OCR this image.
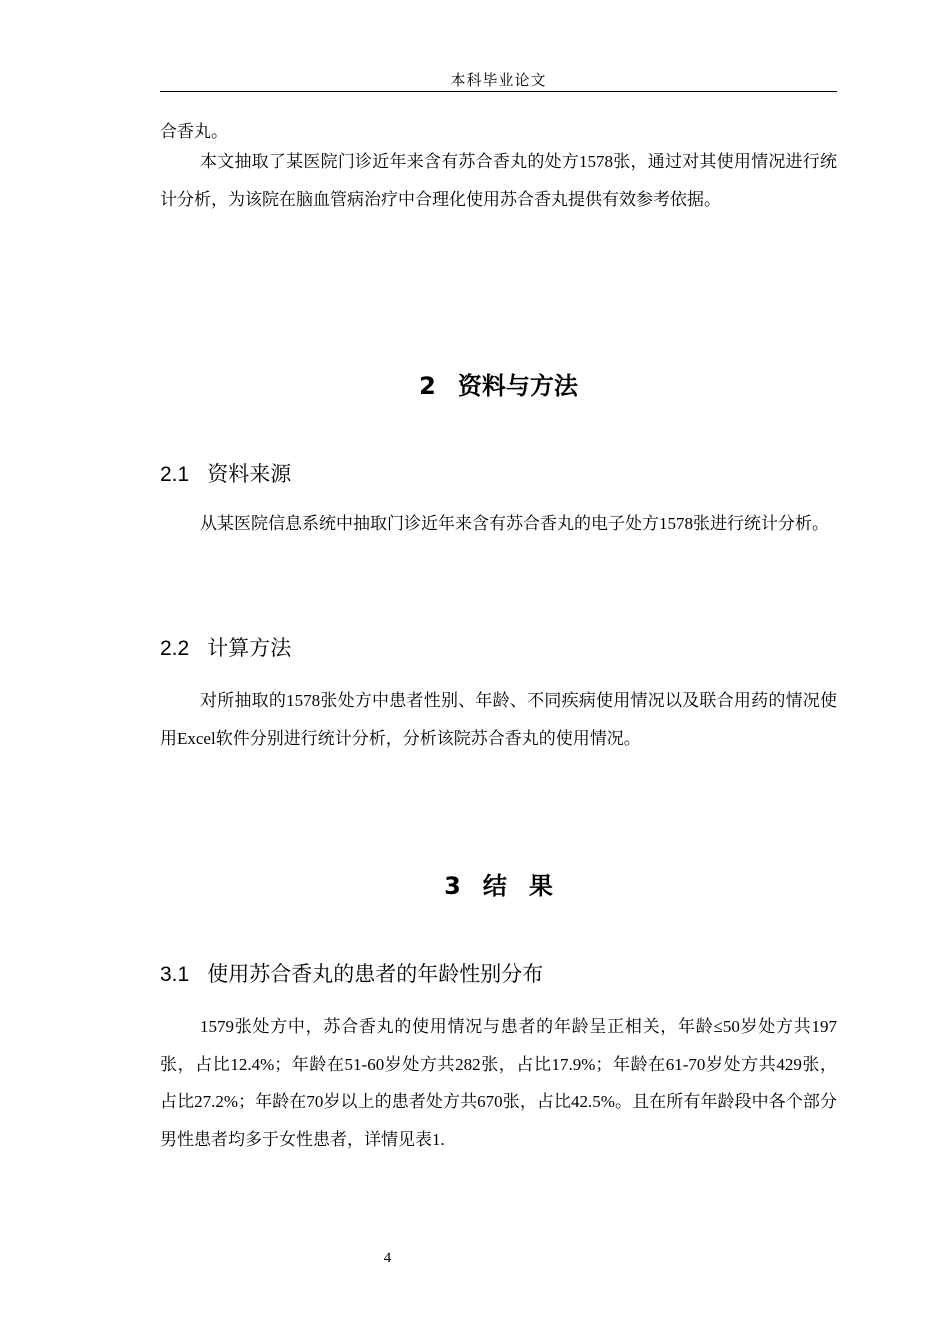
本科毕业论文

合香丸。

本文抽取了某医院门诊近年来含有苏合香丸的处方1578张，通过对其使用情况进行统计分析，为该院在脑血管病治疗中合理化使用苏合香丸提供有效参考依据。

2 资料与方法
2.1 资料来源

从某医院信息系统中抽取门诊近年来含有苏合香丸的电子处方1578张进行统计分析。

2.2 计算方法

对所抽取的1578张处方中患者性别、年龄、不同疾病使用情况以及联合用药的情况使用Excel软件分别进行统计分析，分析该院苏合香丸的使用情况。

3 结果
3.1 使用苏合香丸的患者的年龄性别分布

1579张处方中，苏合香丸的使用情况与患者的年龄呈正相关，年龄≤50岁处方共197张，占比12.4%；年龄在51-60岁处方共282张，占比17.9%；年龄在61-70岁处方共429张，占比27.2%；年龄在70岁以上的患者处方共670张，占比42.5%。且在所有年龄段中各个部分男性患者均多于女性患者，详情见表1.

4
